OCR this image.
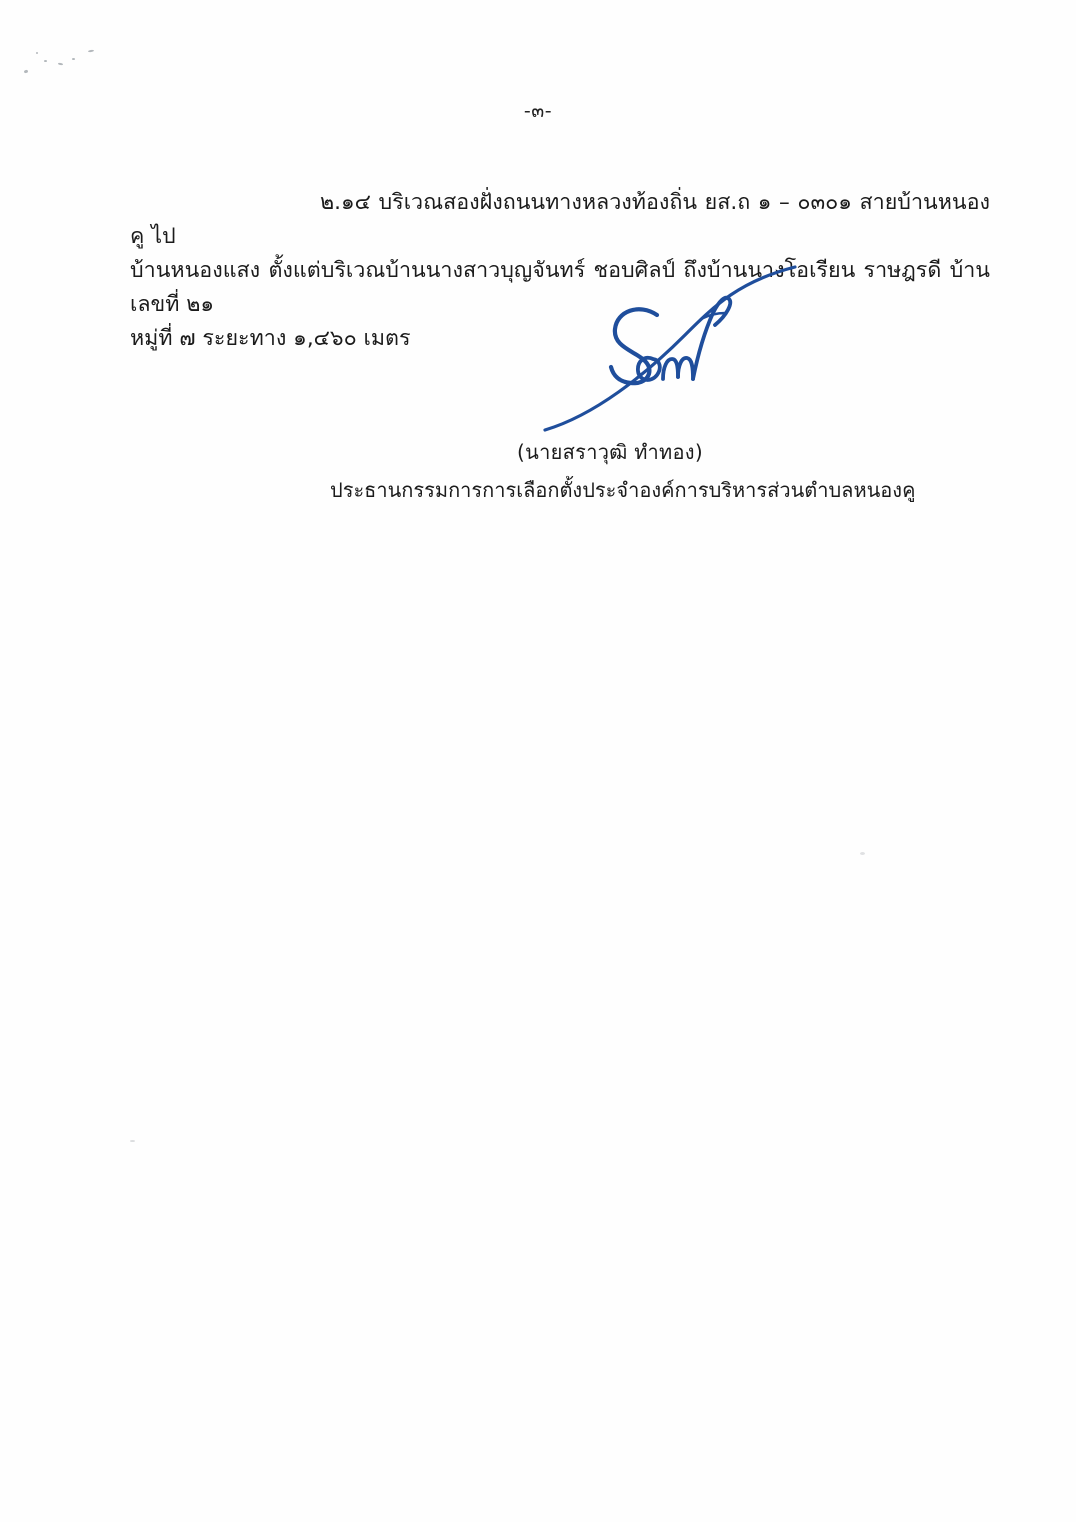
-๓-
๒.๑๔ บริเวณสองฝั่งถนนทางหลวงท้องถิ่น ยส.ถ ๑ – ๐๓๐๑ สายบ้านหนองคู ไป
บ้านหนองแสง ตั้งแต่บริเวณบ้านนางสาวบุญจันทร์ ชอบศิลป์ ถึงบ้านนางโอเรียน ราษฎรดี บ้านเลขที่ ๒๑
หมู่ที่ ๗ ระยะทาง ๑,๔๖๐ เมตร
(นายสราวุฒิ ทำทอง)
ประธานกรรมการการเลือกตั้งประจำองค์การบริหารส่วนตำบลหนองคู
